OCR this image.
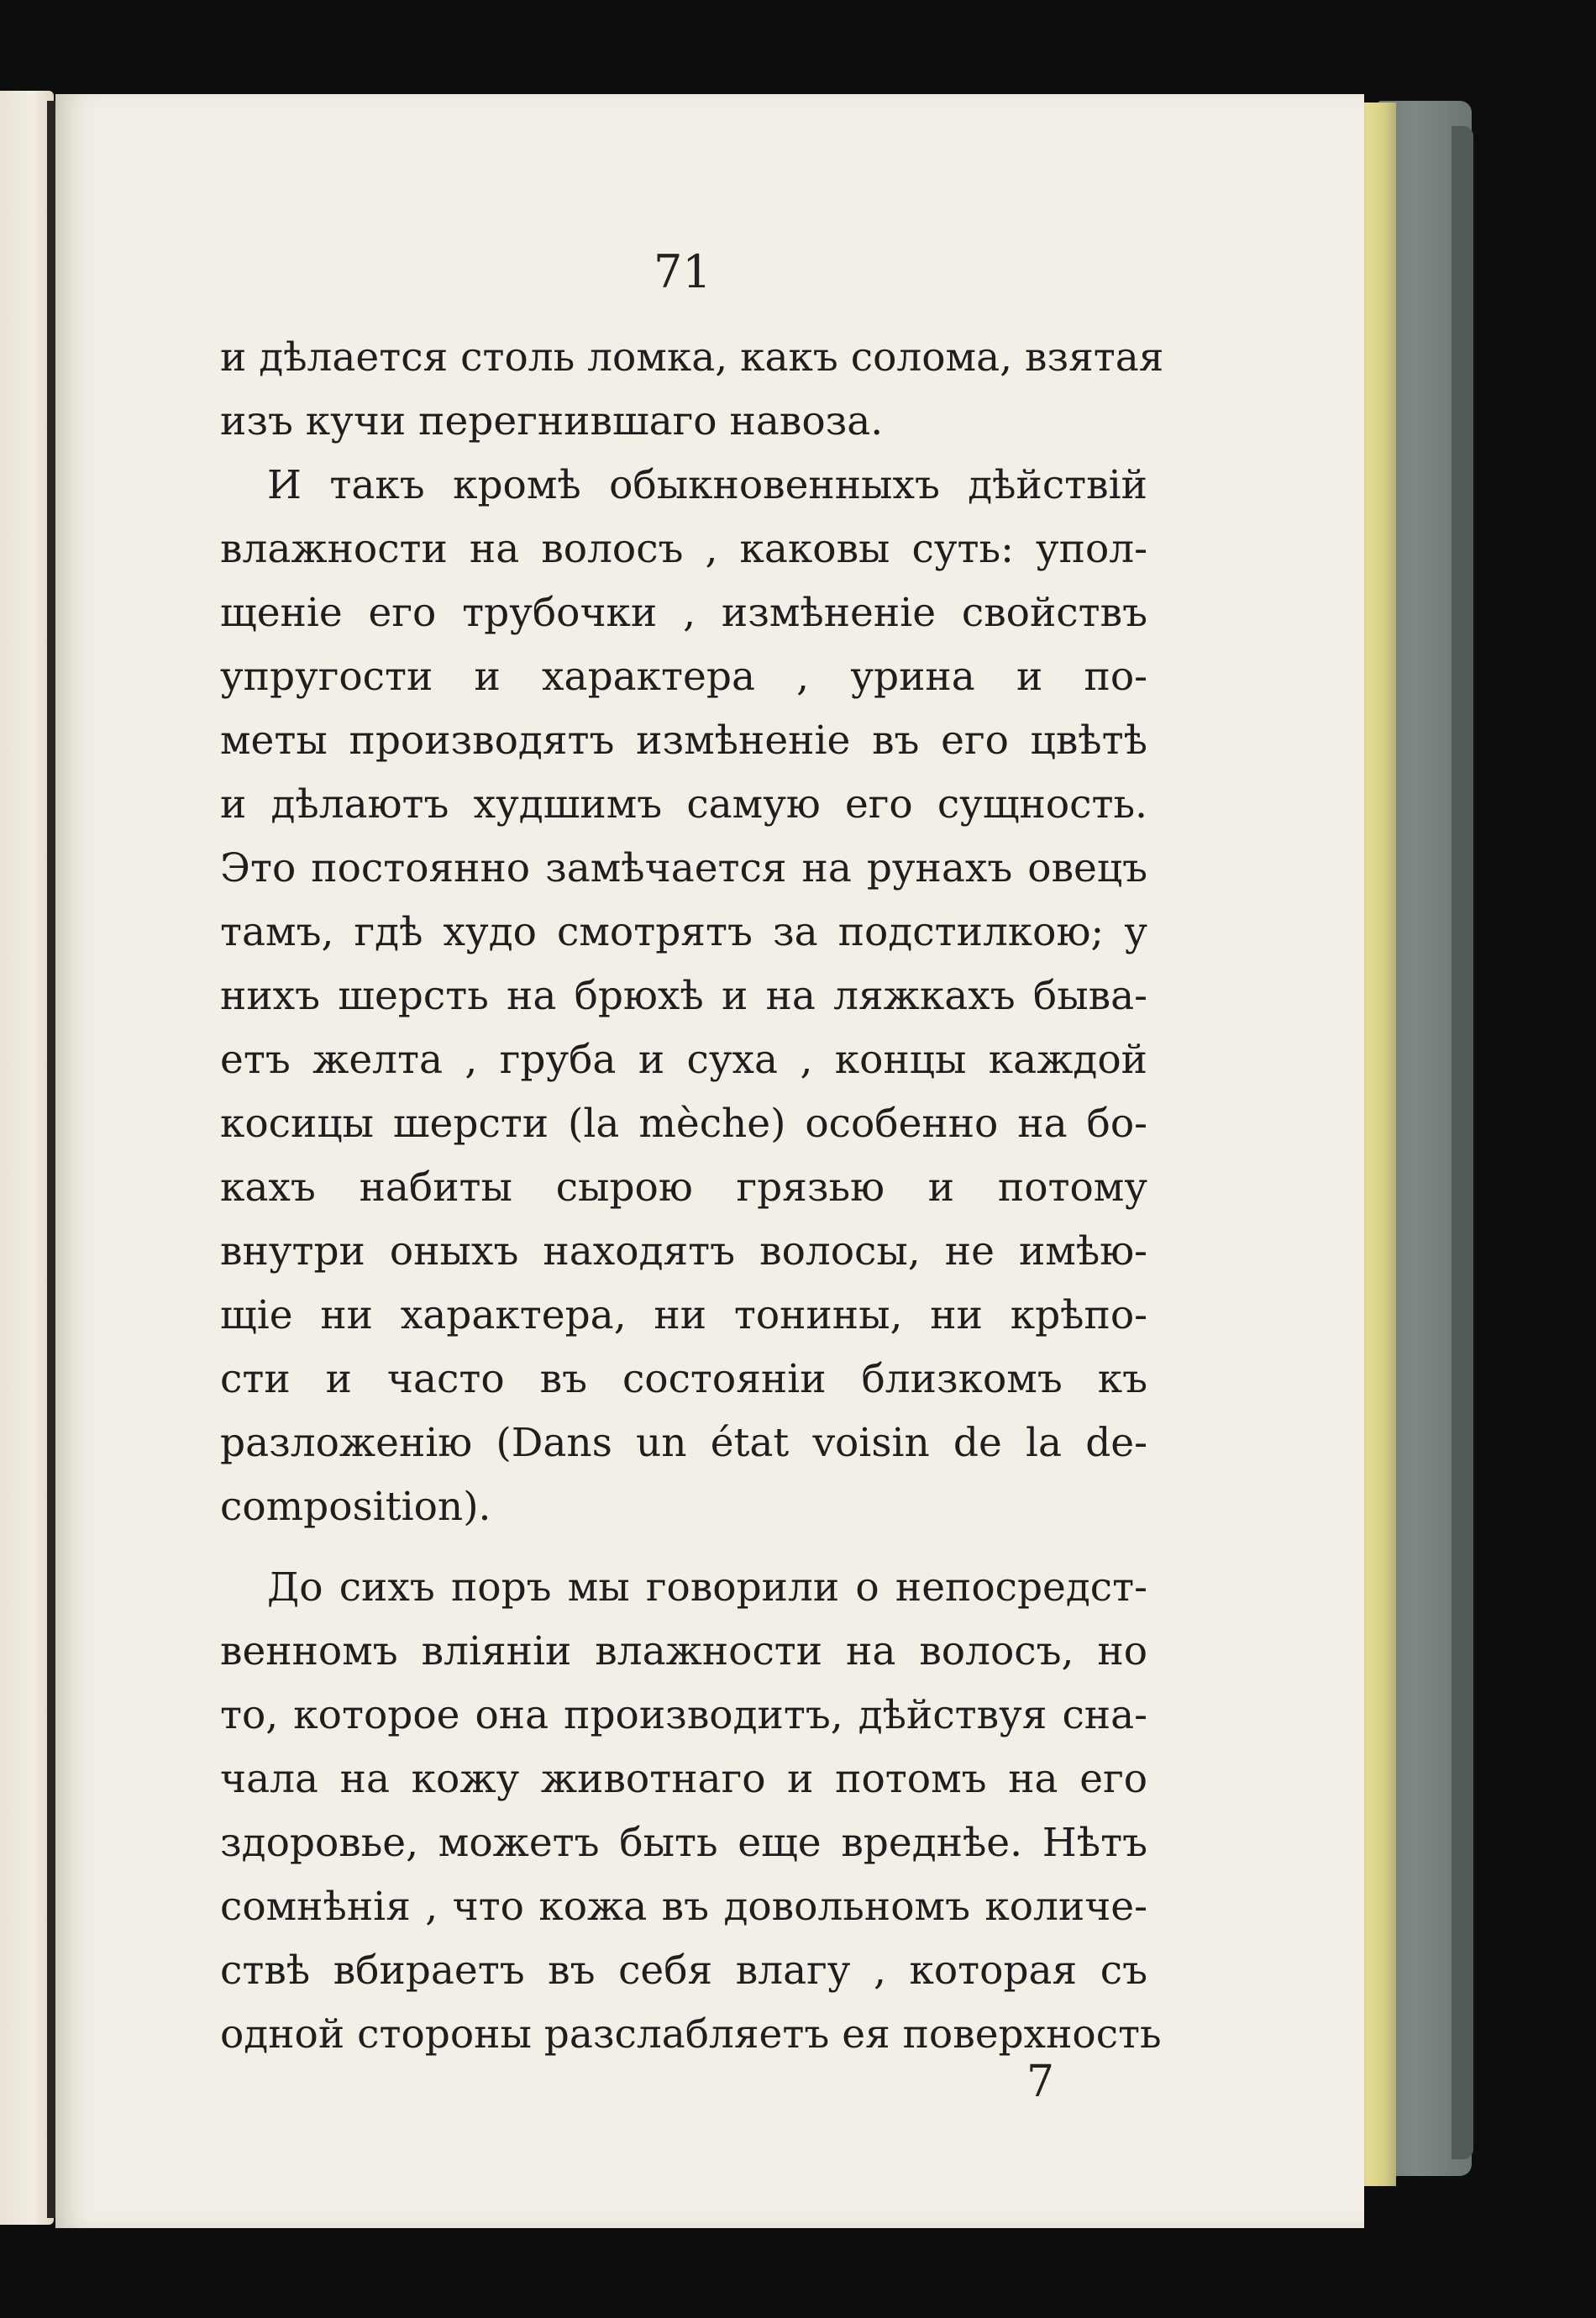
71
и дѣлается столь ломка, какъ солома, взятая
изъ кучи перегнившаго навоза.
И такъ кромѣ обыкновенныхъ дѣйствій
влажности на волосъ , каковы суть: упол-
щеніе его трубочки , измѣненіе свойствъ
упругости и характера , урина и по-
меты производятъ измѣненіе въ его цвѣтѣ
и дѣлаютъ худшимъ самую его сущность.
Это постоянно замѣчается на рунахъ овецъ
тамъ, гдѣ худо смотрятъ за подстилкою; у
нихъ шерсть на брюхѣ и на ляжкахъ быва-
етъ желта , груба и суха , концы каждой
косицы шерсти (la mèche) особенно на бо-
кахъ набиты сырою грязью и потому
внутри оныхъ находятъ волосы, не имѣю-
щіе ни характера, ни тонины, ни крѣпо-
сти и часто въ состояніи близкомъ къ
разложенію (Dans un état voisin de la de-
composition).
До сихъ поръ мы говорили о непосредст-
венномъ вліяніи влажности на волосъ, но
то, которое она производитъ, дѣйствуя сна-
чала на кожу животнаго и потомъ на его
здоровье, можетъ быть еще вреднѣе. Нѣтъ
сомнѣнія , что кожа въ довольномъ количе-
ствѣ вбираетъ въ себя влагу , которая съ
одной стороны разслабляетъ ея поверхность
7
